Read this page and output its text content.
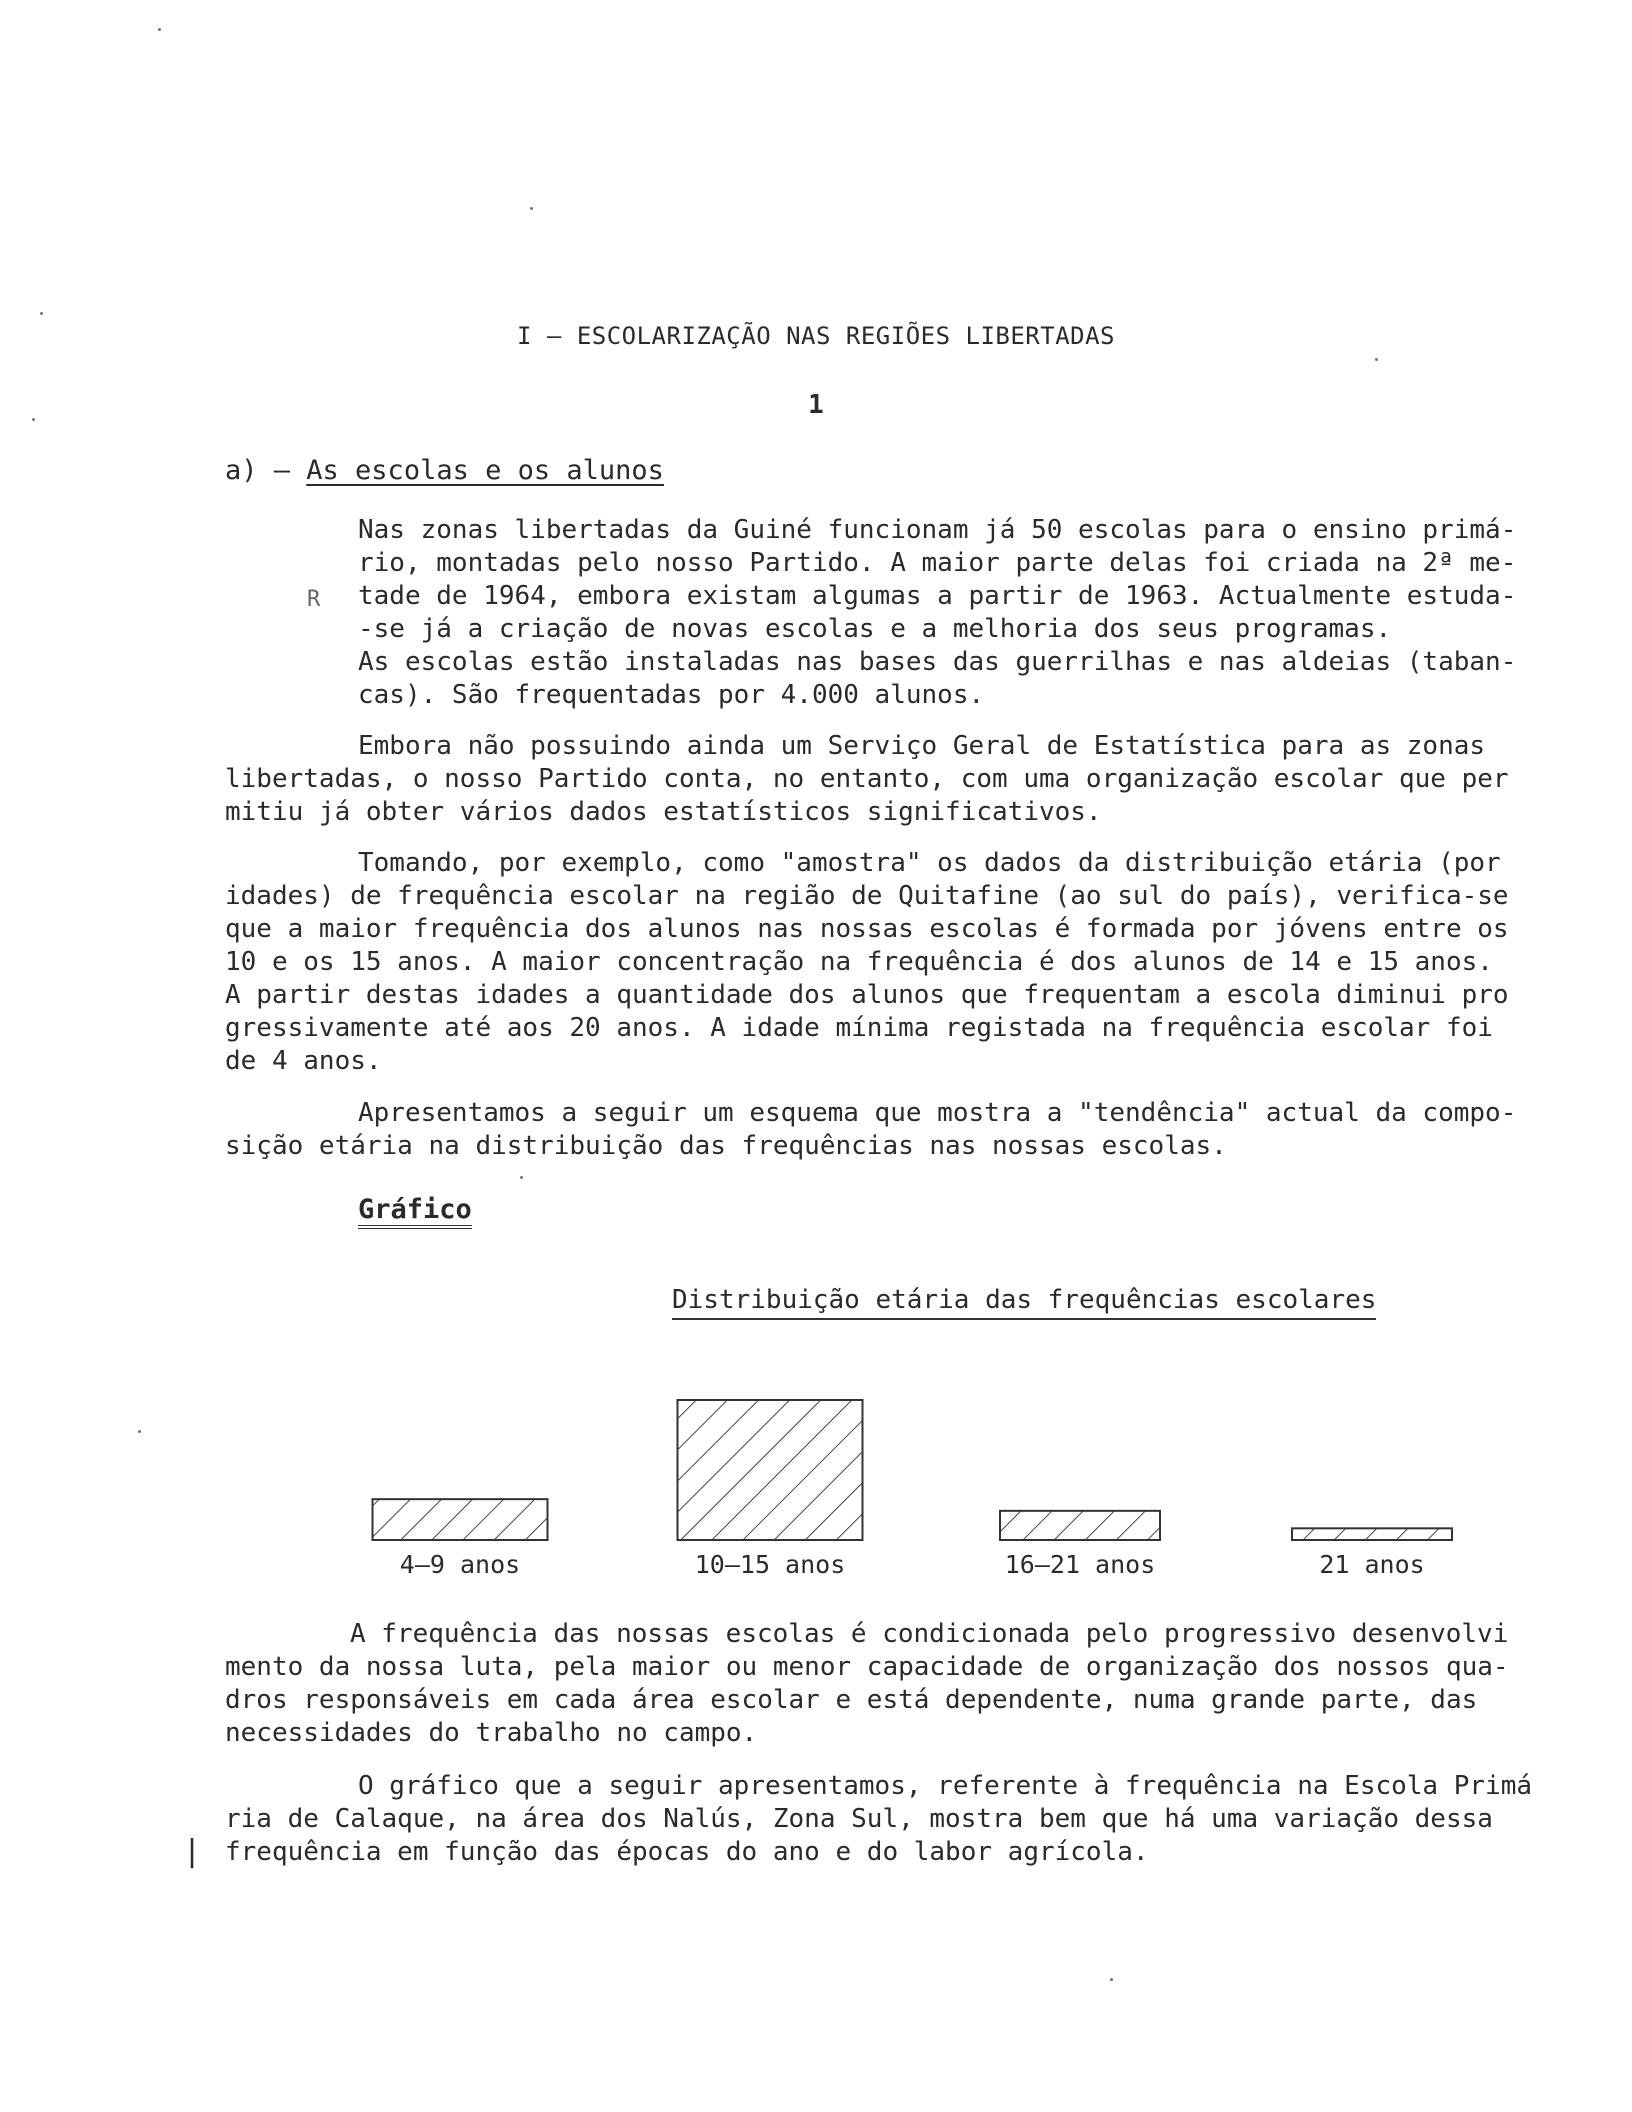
I – ESCOLARIZAÇÃO NAS REGIÕES LIBERTADAS
1
a) – As escolas e os alunos
R
Nas zonas libertadas da Guiné funcionam já 50 escolas para o ensino primá-
rio, montadas pelo nosso Partido. A maior parte delas foi criada na 2ª me-
tade de 1964, embora existam algumas a partir de 1963. Actualmente estuda-
-se já a criação de novas escolas e a melhoria dos seus programas.
As escolas estão instaladas nas bases das guerrilhas e nas aldeias (taban-
cas). São frequentadas por 4.000 alunos.
Embora não possuindo ainda um Serviço Geral de Estatística para as zonas
libertadas, o nosso Partido conta, no entanto, com uma organização escolar que per
mitiu já obter vários dados estatísticos significativos.
Tomando, por exemplo, como "amostra" os dados da distribuição etária (por
idades) de frequência escolar na região de Quitafine (ao sul do país), verifica-se
que a maior frequência dos alunos nas nossas escolas é formada por jóvens entre os
10 e os 15 anos. A maior concentração na frequência é dos alunos de 14 e 15 anos.
A partir destas idades a quantidade dos alunos que frequentam a escola diminui pro
gressivamente até aos 20 anos. A idade mínima registada na frequência escolar foi
de 4 anos.
Apresentamos a seguir um esquema que mostra a "tendência" actual da compo-
sição etária na distribuição das frequências nas nossas escolas.
Gráfico
Distribuição etária das frequências escolares
4–9 anos	10–15 anos	16–21 anos	21 anos
A frequência das nossas escolas é condicionada pelo progressivo desenvolvi
mento da nossa luta, pela maior ou menor capacidade de organização dos nossos qua-
dros responsáveis em cada área escolar e está dependente, numa grande parte, das
necessidades do trabalho no campo.
O gráfico que a seguir apresentamos, referente à frequência na Escola Primá
ria de Calaque, na área dos Nalús, Zona Sul, mostra bem que há uma variação dessa
frequência em função das épocas do ano e do labor agrícola.
|
